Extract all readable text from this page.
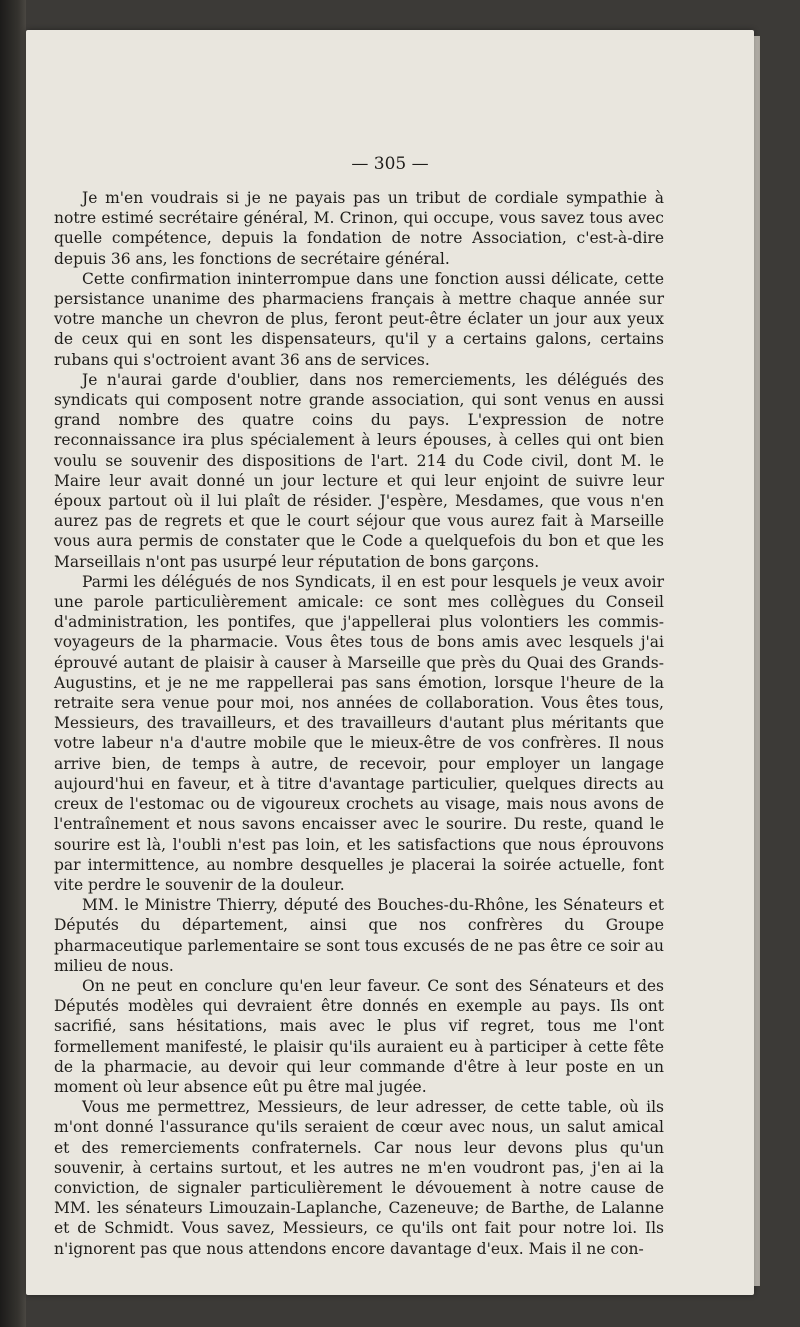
— 305 —

Je m'en voudrais si je ne payais pas un tribut de cordiale sympathie à notre estimé secrétaire général, M. Crinon, qui occupe, vous savez tous avec quelle compétence, depuis la fondation de notre Association, c'est-à-dire depuis 36 ans, les fonctions de secrétaire général.

Cette confirmation ininterrompue dans une fonction aussi délicate, cette persistance unanime des pharmaciens français à mettre chaque année sur votre manche un chevron de plus, feront peut-être éclater un jour aux yeux de ceux qui en sont les dispensateurs, qu'il y a certains galons, certains rubans qui s'octroient avant 36 ans de services.

Je n'aurai garde d'oublier, dans nos remerciements, les délégués des syndicats qui composent notre grande association, qui sont venus en aussi grand nombre des quatre coins du pays. L'expression de notre reconnaissance ira plus spécialement à leurs épouses, à celles qui ont bien voulu se souvenir des dispositions de l'art. 214 du Code civil, dont M. le Maire leur avait donné un jour lecture et qui leur enjoint de suivre leur époux partout où il lui plaît de résider. J'espère, Mesdames, que vous n'en aurez pas de regrets et que le court séjour que vous aurez fait à Marseille vous aura permis de constater que le Code a quelquefois du bon et que les Marseillais n'ont pas usurpé leur réputation de bons garçons.

Parmi les délégués de nos Syndicats, il en est pour lesquels je veux avoir une parole particulièrement amicale: ce sont mes collègues du Conseil d'administration, les pontifes, que j'appellerai plus volontiers les commis-voyageurs de la pharmacie. Vous êtes tous de bons amis avec lesquels j'ai éprouvé autant de plaisir à causer à Marseille que près du Quai des Grands-Augustins, et je ne me rappellerai pas sans émotion, lorsque l'heure de la retraite sera venue pour moi, nos années de collaboration. Vous êtes tous, Messieurs, des travailleurs, et des travailleurs d'autant plus méritants que votre labeur n'a d'autre mobile que le mieux-être de vos confrères. Il nous arrive bien, de temps à autre, de recevoir, pour employer un langage aujourd'hui en faveur, et à titre d'avantage particulier, quelques directs au creux de l'estomac ou de vigoureux crochets au visage, mais nous avons de l'entraînement et nous savons encaisser avec le sourire. Du reste, quand le sourire est là, l'oubli n'est pas loin, et les satisfactions que nous éprouvons par intermittence, au nombre desquelles je placerai la soirée actuelle, font vite perdre le souvenir de la douleur.

MM. le Ministre Thierry, député des Bouches-du-Rhône, les Sénateurs et Députés du département, ainsi que nos confrères du Groupe pharmaceutique parlementaire se sont tous excusés de ne pas être ce soir au milieu de nous.

On ne peut en conclure qu'en leur faveur. Ce sont des Sénateurs et des Députés modèles qui devraient être donnés en exemple au pays. Ils ont sacrifié, sans hésitations, mais avec le plus vif regret, tous me l'ont formellement manifesté, le plaisir qu'ils auraient eu à participer à cette fête de la pharmacie, au devoir qui leur commande d'être à leur poste en un moment où leur absence eût pu être mal jugée.

Vous me permettrez, Messieurs, de leur adresser, de cette table, où ils m'ont donné l'assurance qu'ils seraient de cœur avec nous, un salut amical et des remerciements confraternels. Car nous leur devons plus qu'un souvenir, à certains surtout, et les autres ne m'en voudront pas, j'en ai la conviction, de signaler particulièrement le dévouement à notre cause de MM. les sénateurs Limouzain-Laplanche, Cazeneuve; de Barthe, de Lalanne et de Schmidt. Vous savez, Messieurs, ce qu'ils ont fait pour notre loi. Ils n'ignorent pas que nous attendons encore davantage d'eux. Mais il ne con-
